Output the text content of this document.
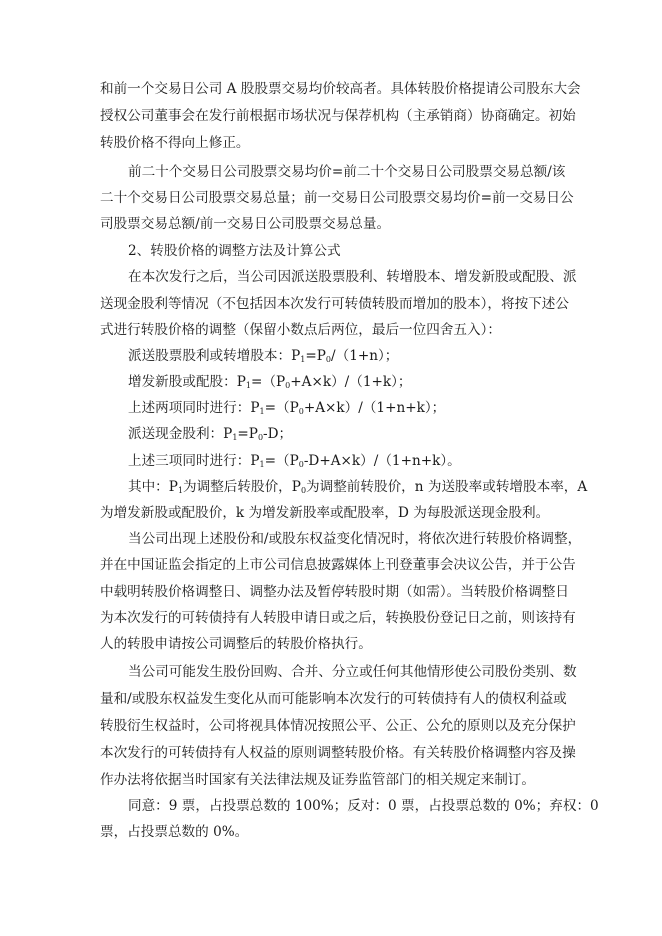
和前一个交易日公司 A 股股票交易均价较高者。具体转股价格提请公司股东大会
授权公司董事会在发行前根据市场状况与保荐机构（主承销商）协商确定。初始
转股价格不得向上修正。
前二十个交易日公司股票交易均价=前二十个交易日公司股票交易总额/该
二十个交易日公司股票交易总量；前一交易日公司股票交易均价=前一交易日公
司股票交易总额/前一交易日公司股票交易总量。
2、转股价格的调整方法及计算公式
在本次发行之后，当公司因派送股票股利、转增股本、增发新股或配股、派
送现金股利等情况（不包括因本次发行可转债转股而增加的股本），将按下述公
式进行转股价格的调整（保留小数点后两位，最后一位四舍五入）：
派送股票股利或转增股本：$P_1=P_0/(1+n)$；
增发新股或配股：$P_1=(P_0+A\times k)/(1+k)$；
上述两项同时进行：$P_1=(P_0+A\times k)/(1+n+k)$；
派送现金股利：$P_1=P_0-D$；
上述三项同时进行：$P_1=(P_0-D+A\times k)/(1+n+k)$。
其中：$P_1$为调整后转股价，$P_0$为调整前转股价，n 为送股率或转增股本率，A
为增发新股或配股价，k 为增发新股率或配股率，D 为每股派送现金股利。
当公司出现上述股份和/或股东权益变化情况时，将依次进行转股价格调整，
并在中国证监会指定的上市公司信息披露媒体上刊登董事会决议公告，并于公告
中载明转股价格调整日、调整办法及暂停转股时期（如需）。当转股价格调整日
为本次发行的可转债持有人转股申请日或之后，转换股份登记日之前，则该持有
人的转股申请按公司调整后的转股价格执行。
当公司可能发生股份回购、合并、分立或任何其他情形使公司股份类别、数
量和/或股东权益发生变化从而可能影响本次发行的可转债持有人的债权利益或
转股衍生权益时，公司将视具体情况按照公平、公正、公允的原则以及充分保护
本次发行的可转债持有人权益的原则调整转股价格。有关转股价格调整内容及操
作办法将依据当时国家有关法律法规及证券监管部门的相关规定来制订。
同意：9 票，占投票总数的 100%；反对：0 票，占投票总数的 0%；弃权：0
票，占投票总数的 0%。
